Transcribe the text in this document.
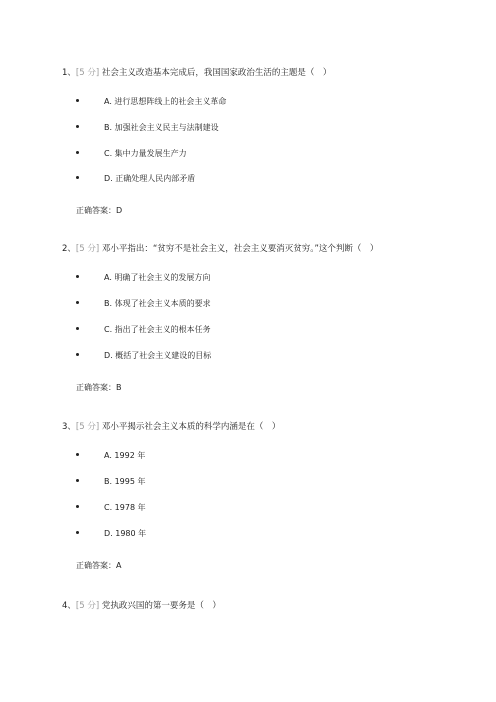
1、[5 分] 社会主义改造基本完成后，我国国家政治生活的主题是（　）
A. 进行思想阵线上的社会主义革命
B. 加强社会主义民主与法制建设
C. 集中力量发展生产力
D. 正确处理人民内部矛盾
正确答案：D
2、[5 分] 邓小平指出：“贫穷不是社会主义，社会主义要消灭贫穷。”这个判断（　）
A. 明确了社会主义的发展方向
B. 体现了社会主义本质的要求
C. 指出了社会主义的根本任务
D. 概括了社会主义建设的目标
正确答案：B
3、[5 分] 邓小平揭示社会主义本质的科学内涵是在（　）
A. 1992 年
B. 1995 年
C. 1978 年
D. 1980 年
正确答案：A
4、[5 分] 党执政兴国的第一要务是（　）
